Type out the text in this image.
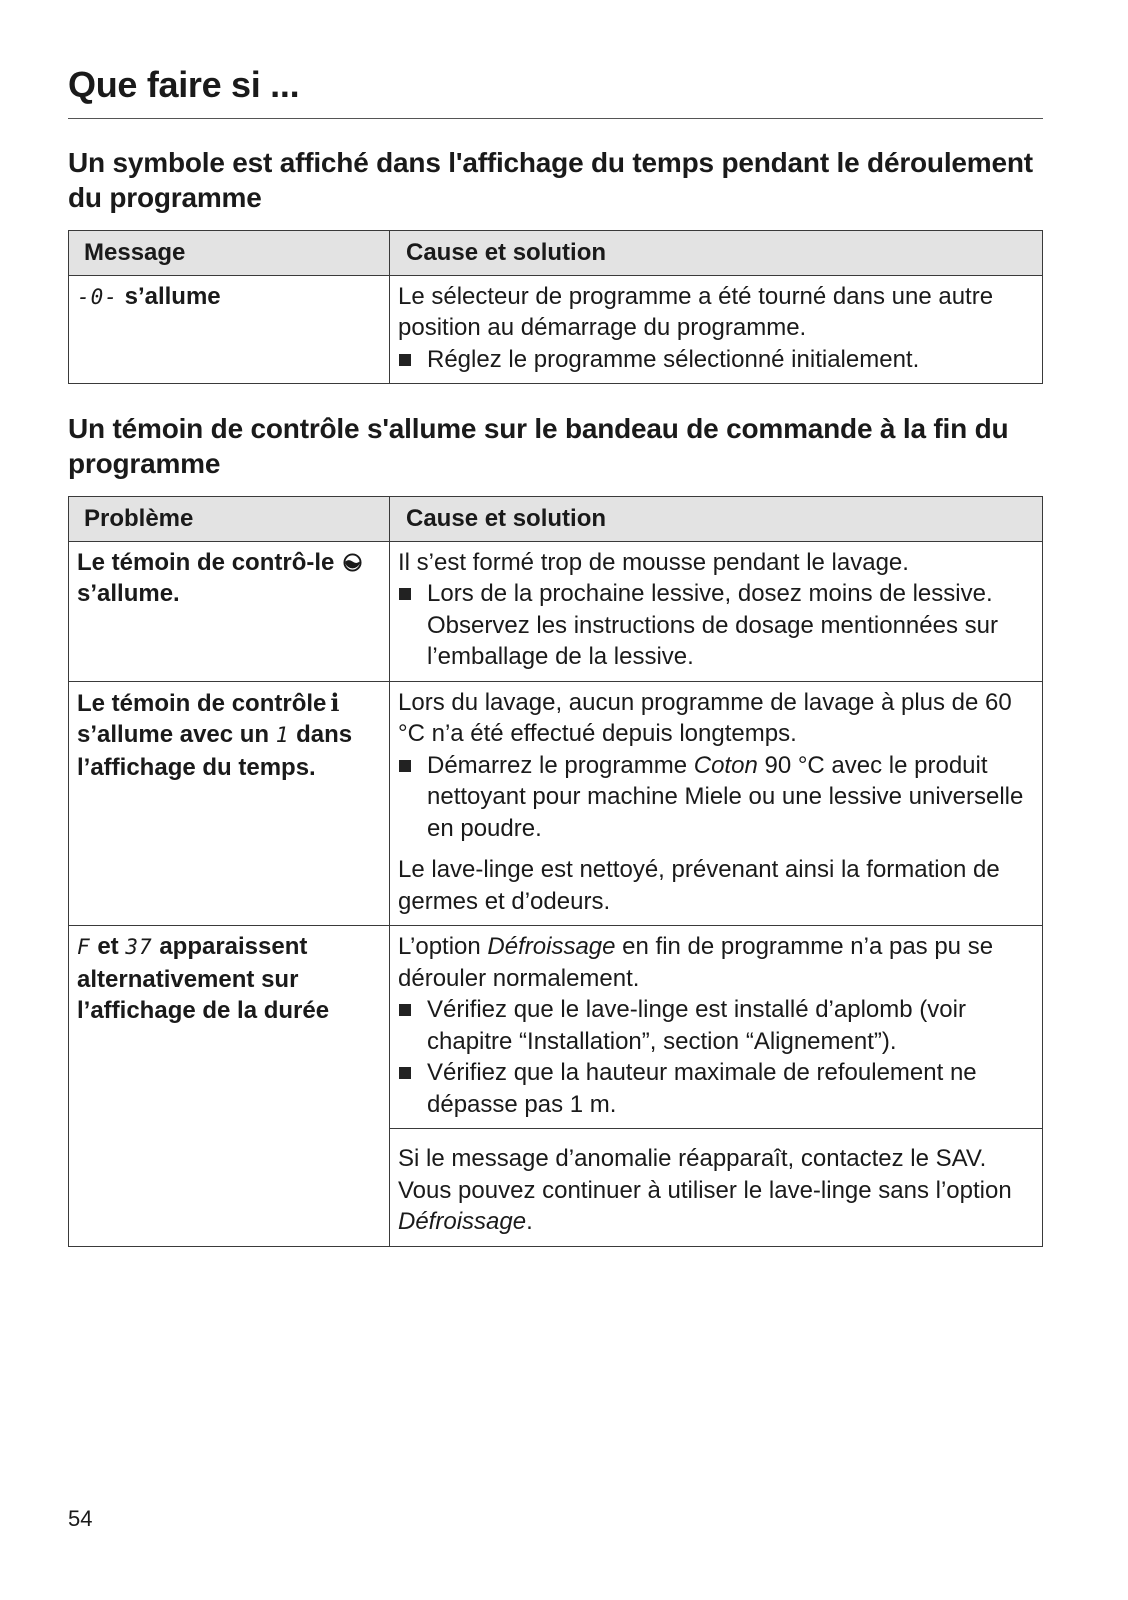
Que faire si ...
Un symbole est affiché dans l'affichage du temps pendant le déroulement du programme
Message	Cause et solution
-0- s’allume	Le sélecteur de programme a été tourné dans une autre position au démarrage du programme.
Réglez le programme sélectionné initialement.
Un témoin de contrôle s'allume sur le bandeau de commande à la fin du programme
Problème	Cause et solution
Le témoin de contrô-le  s’allume.	Il s’est formé trop de mousse pendant le lavage.
Lors de la prochaine lessive, dosez moins de lessive. Observez les instructions de dosage mentionnées sur l’emballage de la lessive.

Le témoin de contrôle i s’allume avec un 1 dans l’affichage du temps.	Lors du lavage, aucun programme de lavage à plus de 60 °C n’a été effectué depuis longtemps.
Démarrez le programme Coton 90 °C avec le produit nettoyant pour machine Miele ou une lessive universelle en poudre.
Le lave-linge est nettoyé, prévenant ainsi la formation de germes et d’odeurs.

F et 37 apparaissent alternativement sur l’affichage de la durée	L’option Défroissage en fin de programme n’a pas pu se dérouler normalement.
Vérifiez que le lave-linge est installé d’aplomb (voir chapitre “Installation”, section “Alignement”).
Vérifiez que la hauteur maximale de refoulement ne dépasse pas 1 m.

	Si le message d’anomalie réapparaît, contactez le SAV. Vous pouvez continuer à utiliser le lave-linge sans l’option Défroissage.
54
